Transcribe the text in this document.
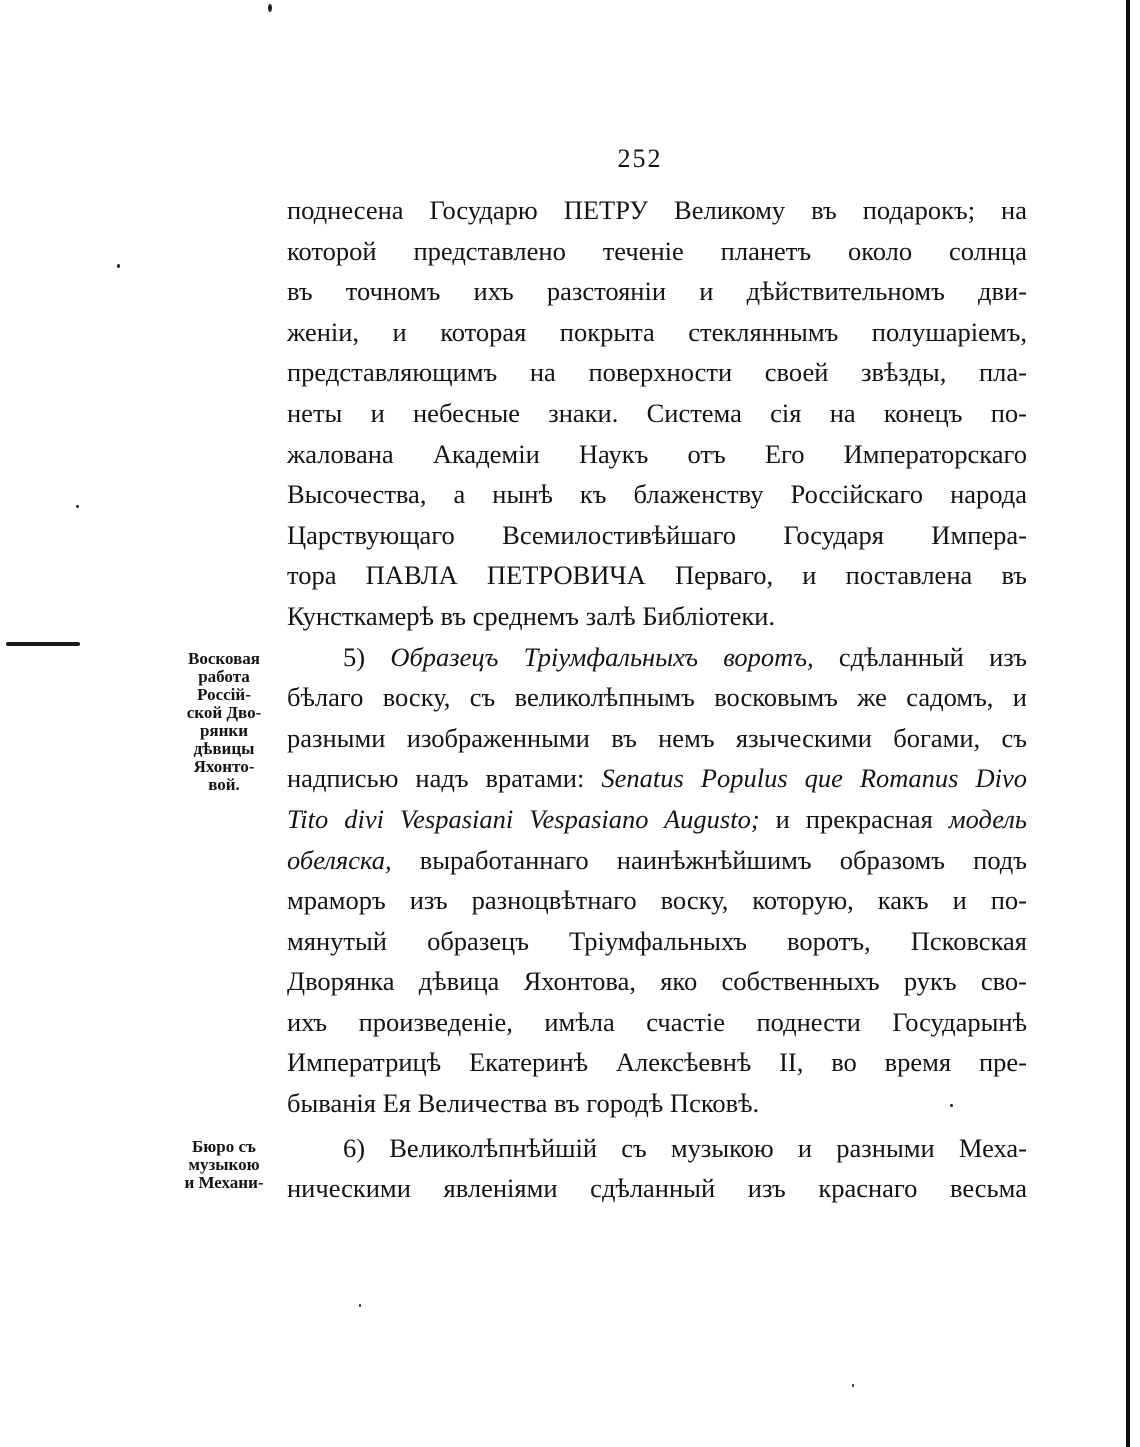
252
Восковая
работа
Россій-
ской Дво-
рянки
дѣвицы
Яхонто-
вой.
Бюро съ
музыкою
и Механи-
поднесена Государю ПЕТРУ Великому въ подарокъ; на
которой представлено теченіе планетъ около солнца
въ точномъ ихъ разстояніи и дѣйствительномъ дви-
женіи, и которая покрыта стекляннымъ полушаріемъ,
представляющимъ на поверхности своей звѣзды, пла-
неты и небесные знаки. Система сія на конецъ по-
жалована Академіи Наукъ отъ Его Императорскаго
Высочества, а нынѣ къ блаженству Россійскаго народа
Царствующаго Всемилостивѣйшаго Государя Импера-
тора ПАВЛА ПЕТРОВИЧА Перваго, и поставлена въ
Кунсткамерѣ въ среднемъ залѣ Библіотеки.
5) Образецъ Тріумфальныхъ воротъ, сдѣланный изъ
бѣлаго воску, съ великолѣпнымъ восковымъ же садомъ, и
разными изображенными въ немъ языческими богами, съ
надписью надъ вратами: Senatus Populus que Romanus Divo
Tito divi Vespasiani Vespasiano Augusto; и прекрасная модель
обеляска, выработаннаго наинѣжнѣйшимъ образомъ подъ
мраморъ изъ разноцвѣтнаго воску, которую, какъ и по-
мянутый образецъ Тріумфальныхъ воротъ, Псковская
Дворянка дѣвица Яхонтова, яко собственныхъ рукъ сво-
ихъ произведеніе, имѣла счастіе поднести Государынѣ
Императрицѣ Екатеринѣ Алексѣевнѣ II, во время пре-
быванія Ея Величества въ городѣ Псковѣ.
6) Великолѣпнѣйшій съ музыкою и разными Меха-
ническими явленіями сдѣланный изъ краснаго весьма
